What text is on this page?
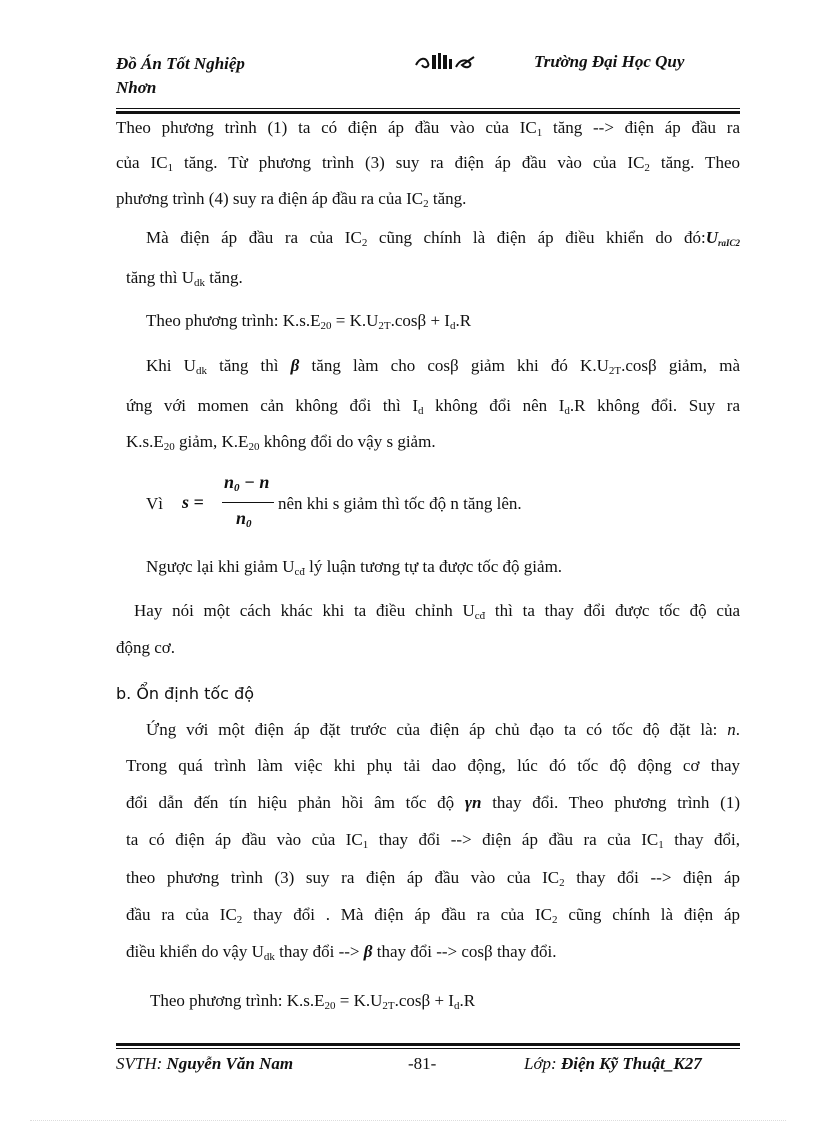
Đồ Án Tốt Nghiệp
Nhơn
Trường Đại Học Quy
Theo phương trình (1) ta có điện áp đầu vào của $IC_1$ tăng --> điện áp đầu ra
của $IC_1$ tăng. Từ phương trình (3) suy ra điện áp đầu vào của $IC_2$ tăng. Theo
phương trình (4) suy ra điện áp đầu ra của $IC_2$ tăng.
Mà điện áp đầu ra của $IC_2$ cũng chính là điện áp điều khiển do $đó:U_{raIC2}$
tăng thì $U_{dk}$ tăng.
Theo phương trình: $K.s.E_{20} = K.U_{2T}.\cos\beta + I_d.R$
Khi $U_{dk}$ tăng thì β tăng làm cho cosβ giảm khi đó $K.U_{2T}.\cos\beta$ giảm, mà
ứng với momen cản không đổi thì $I_d$ không đổi nên $I_d.R$ không đổi. Suy ra
$K.s.E_{20}$ giảm, $K.E_{20}$ không đổi do vậy s giảm.
Vì s =
$n_0 - n$
$n_0$
nên khi s giảm thì tốc độ n tăng lên.
Ngược lại khi giảm $U_{cđ}$ lý luận tương tự ta được tốc độ giảm.
Hay nói một cách khác khi ta điều chỉnh $U_{cđ}$ thì ta thay đổi được tốc độ của
động cơ.
b. Ổn định tốc độ
Ứng với một điện áp đặt trước của điện áp chủ đạo ta có tốc độ đặt là: n.
Trong quá trình làm việc khi phụ tải dao động, lúc đó tốc độ động cơ thay
đổi dẫn đến tín hiệu phản hồi âm tốc độ γn thay đổi. Theo phương trình (1)
ta có điện áp đầu vào của $IC_1$ thay đổi --> điện áp đầu ra của $IC_1$ thay đổi,
theo phương trình (3) suy ra điện áp đầu vào của $IC_2$ thay đổi --> điện áp
đầu ra của $IC_2$ thay đổi . Mà điện áp đầu ra của $IC_2$ cũng chính là điện áp
điều khiển do vậy $U_{dk}$ thay đổi --> β thay đổi --> cosβ thay đổi.
Theo phương trình: $K.s.E_{20} = K.U_{2T}.\cos\beta + I_d.R$
SVTH: Nguyễn Văn Nam	-81-	Lớp: Điện Kỹ Thuật_K27
